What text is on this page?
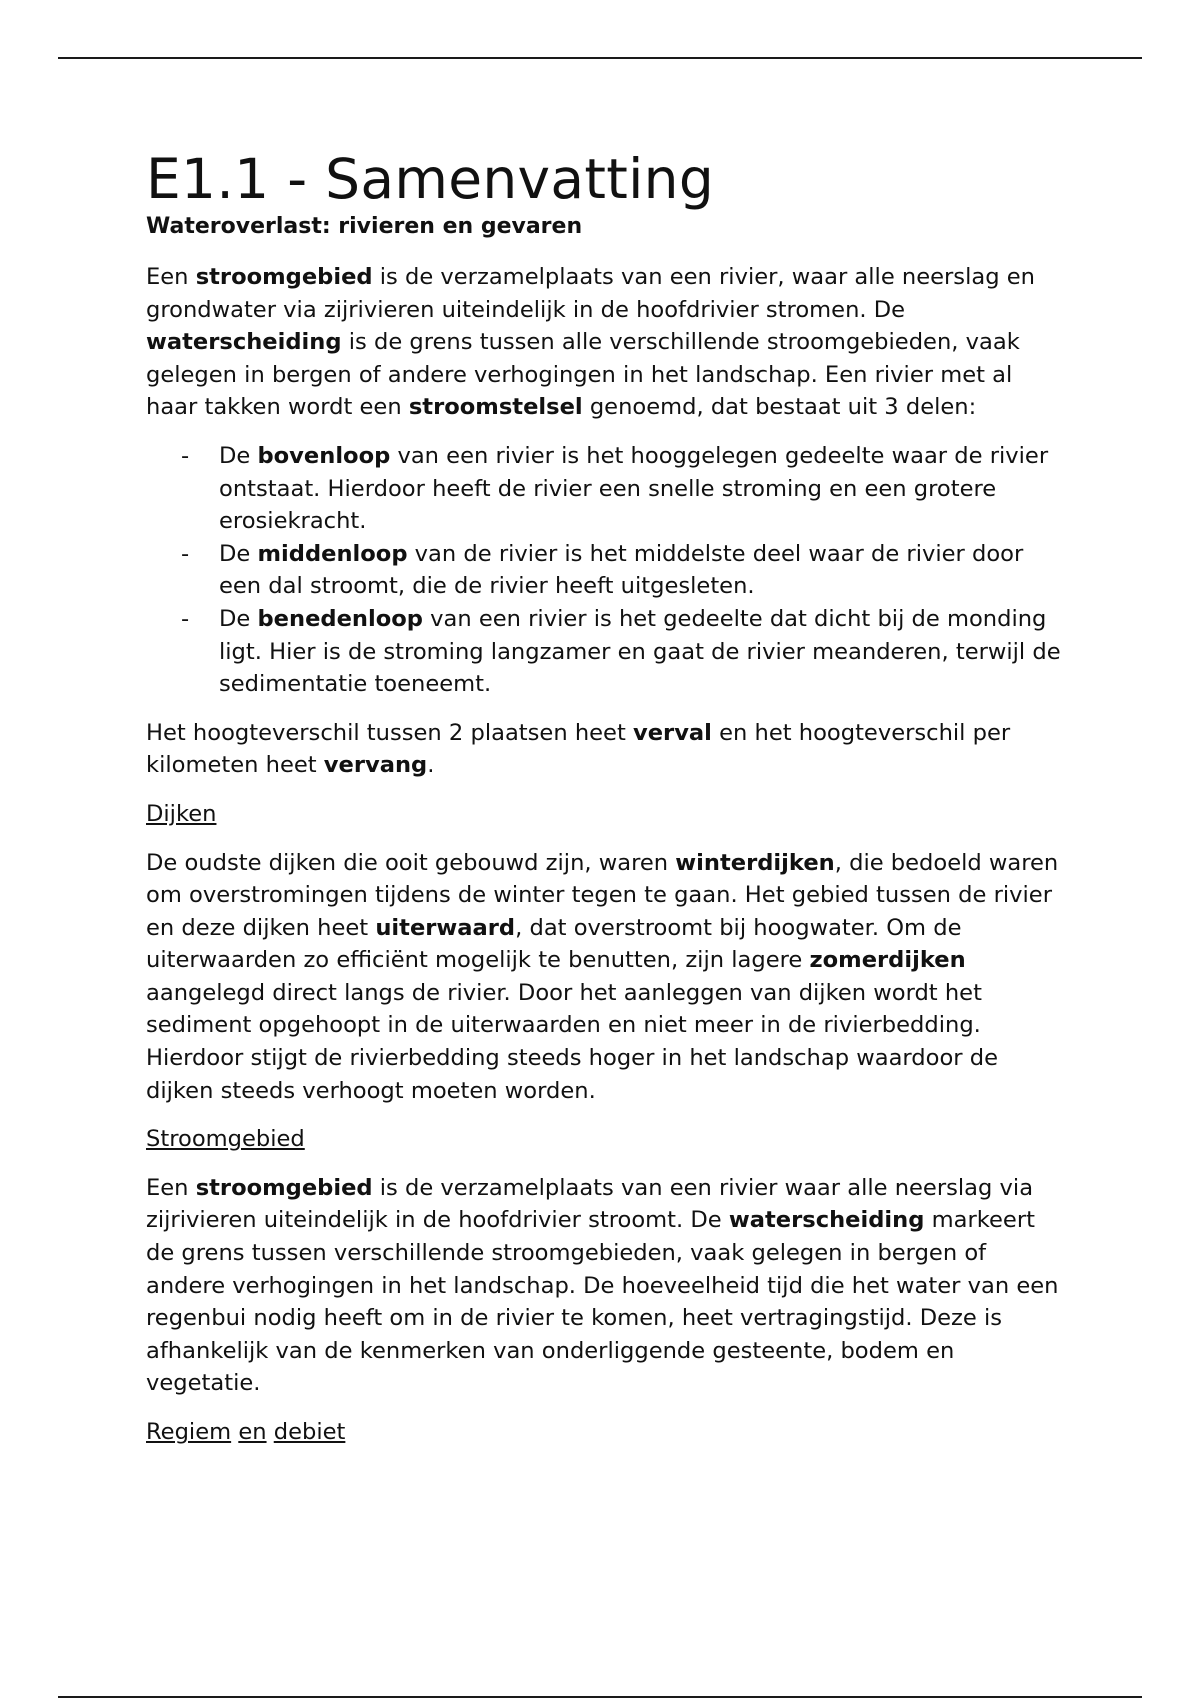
E1.1 - Samenvatting
Wateroverlast: rivieren en gevaren

Een stroomgebied is de verzamelplaats van een rivier, waar alle neerslag en grondwater via zijrivieren uiteindelijk in de hoofdrivier stromen. De waterscheiding is de grens tussen alle verschillende stroomgebieden, vaak gelegen in bergen of andere verhogingen in het landschap. Een rivier met al haar takken wordt een stroomstelsel genoemd, dat bestaat uit 3 delen:

- De bovenloop van een rivier is het hooggelegen gedeelte waar de rivier ontstaat. Hierdoor heeft de rivier een snelle stroming en een grotere erosiekracht.
- De middenloop van de rivier is het middelste deel waar de rivier door een dal stroomt, die de rivier heeft uitgesleten.
- De benedenloop van een rivier is het gedeelte dat dicht bij de monding ligt. Hier is de stroming langzamer en gaat de rivier meanderen, terwijl de sedimentatie toeneemt.

Het hoogteverschil tussen 2 plaatsen heet verval en het hoogteverschil per kilometen heet vervang.

Dijken

De oudste dijken die ooit gebouwd zijn, waren winterdijken, die bedoeld waren om overstromingen tijdens de winter tegen te gaan. Het gebied tussen de rivier en deze dijken heet uiterwaard, dat overstroomt bij hoogwater. Om de uiterwaarden zo efficiënt mogelijk te benutten, zijn lagere zomerdijken aangelegd direct langs de rivier. Door het aanleggen van dijken wordt het sediment opgehoopt in de uiterwaarden en niet meer in de rivierbedding. Hierdoor stijgt de rivierbedding steeds hoger in het landschap waardoor de dijken steeds verhoogt moeten worden.

Stroomgebied

Een stroomgebied is de verzamelplaats van een rivier waar alle neerslag via zijrivieren uiteindelijk in de hoofdrivier stroomt. De waterscheiding markeert de grens tussen verschillende stroomgebieden, vaak gelegen in bergen of andere verhogingen in het landschap. De hoeveelheid tijd die het water van een regenbui nodig heeft om in de rivier te komen, heet vertragingstijd. Deze is afhankelijk van de kenmerken van onderliggende gesteente, bodem en vegetatie.

Regiem en debiet
